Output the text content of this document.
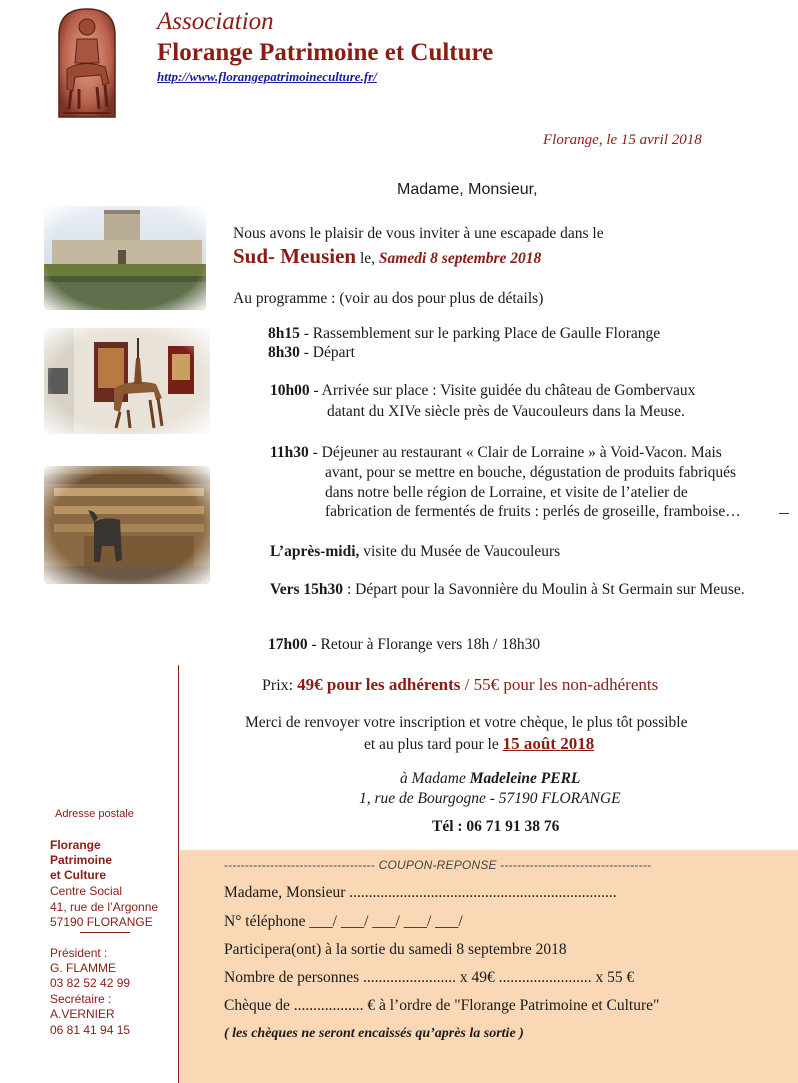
Association
Florange Patrimoine et Culture
http://www.florangepatrimoineculture.fr/
Florange, le 15 avril 2018
Madame, Monsieur,
Nous avons le plaisir de vous inviter à une escapade dans le
Sud- Meusien le, Samedi 8 septembre 2018
Au programme : (voir au dos pour plus de détails)
8h15 - Rassemblement sur le parking Place de Gaulle Florange
8h30 - Départ
10h00 - Arrivée sur place : Visite guidée du château de Gombervaux
datant du XIVe siècle près de Vaucouleurs dans la Meuse.
11h30 - Déjeuner au restaurant « Clair de Lorraine » à Void-Vacon. Mais
avant, pour se mettre en bouche, dégustation de produits fabriqués
dans notre belle région de Lorraine, et visite de l’atelier de
fabrication de fermentés de fruits : perlés de groseille, framboise…
L’après-midi, visite du Musée de Vaucouleurs
Vers 15h30 : Départ pour la Savonnière du Moulin à St Germain sur Meuse.
17h00 - Retour à Florange vers 18h / 18h30
Prix: 49€ pour les adhérents / 55€ pour les non-adhérents
Merci de renvoyer votre inscription et votre chèque, le plus tôt possible
et au plus tard pour le 15 août 2018
à Madame Madeleine PERL
1, rue de Bourgogne - 57190 FLORANGE
Tél : 06 71 91 38 76
Adresse postale
Florange
Patrimoine
et Culture
Centre Social
41, rue de l’Argonne
57190 FLORANGE
Président :
G. FLAMME
03 82 52 42 99
Secrétaire :
A.VERNIER
06 81 41 94 15
------------------------------------ COUPON-REPONSE ------------------------------------
Madame, Monsieur .....................................................................
N° téléphone ___/ ___/ ___/ ___/ ___/
Participera(ont) à la sortie du samedi 8 septembre 2018
Nombre de personnes ........................ x 49€ ........................ x 55 €
Chèque de .................. € à l’ordre de "Florange Patrimoine et Culture"
( les chèques ne seront encaissés qu’après la sortie )
